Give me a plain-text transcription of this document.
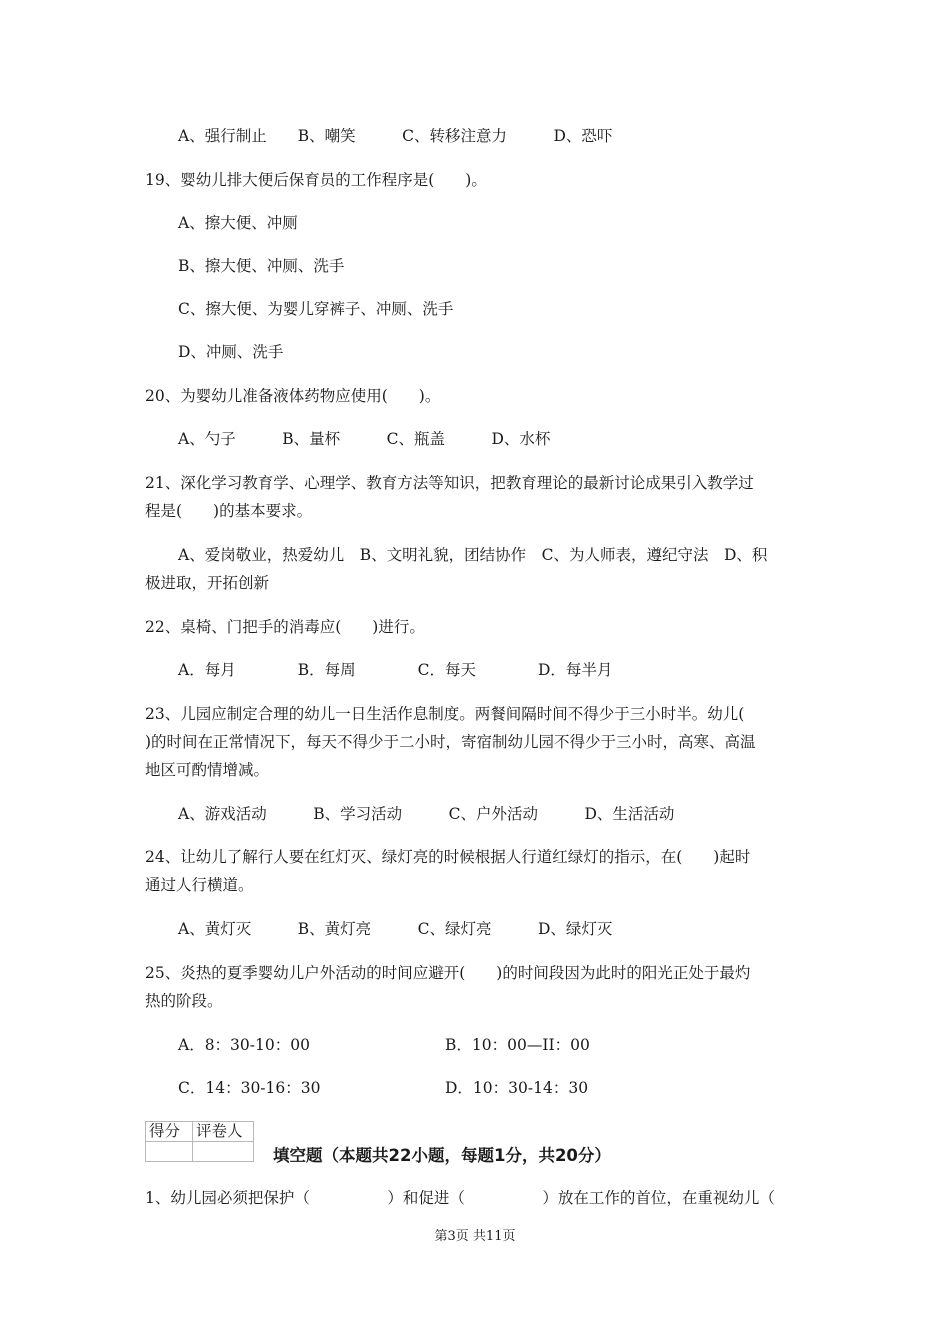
A、强行制止　　B、嘲笑　　　C、转移注意力　　　D、恐吓
19、婴幼儿排大便后保育员的工作程序是(　　)。
A、擦大便、冲厕
B、擦大便、冲厕、洗手
C、擦大便、为婴儿穿裤子、冲厕、洗手
D、冲厕、洗手
20、为婴幼儿准备液体药物应使用(　　)。
A、勺子　　　B、量杯　　　C、瓶盖　　　D、水杯
21、深化学习教育学、心理学、教育方法等知识，把教育理论的最新讨论成果引入教学过
程是(　　)的基本要求。
A、爱岗敬业，热爱幼儿　B、文明礼貌，团结协作　C、为人师表，遵纪守法　D、积
极进取，开拓创新
22、桌椅、门把手的消毒应(　　)进行。
A．每月　　　　B．每周　　　　C．每天　　　　D．每半月
23、儿园应制定合理的幼儿一日生活作息制度。两餐间隔时间不得少于三小时半。幼儿(
)的时间在正常情况下，每天不得少于二小时，寄宿制幼儿园不得少于三小时，高寒、高温
地区可酌情增减。
A、游戏活动　　　B、学习活动　　　C、户外活动　　　D、生活活动
24、让幼儿了解行人要在红灯灭、绿灯亮的时候根据人行道红绿灯的指示，在(　　)起时
通过人行横道。
A、黄灯灭　　　B、黄灯亮　　　C、绿灯亮　　　D、绿灯灭
25、炎热的夏季婴幼儿户外活动的时间应避开(　　)的时间段因为此时的阳光正处于最灼
热的阶段。
A．8：30-10：00	B．10：00—II：00
C．14：30-16：30	D．10：30-14：30
得分	评卷人

填空题（本题共22小题，每题1分，共20分）
1、幼儿园必须把保护（　　　　　）和促进（　　　　　）放在工作的首位，在重视幼儿（
第3页 共11页
